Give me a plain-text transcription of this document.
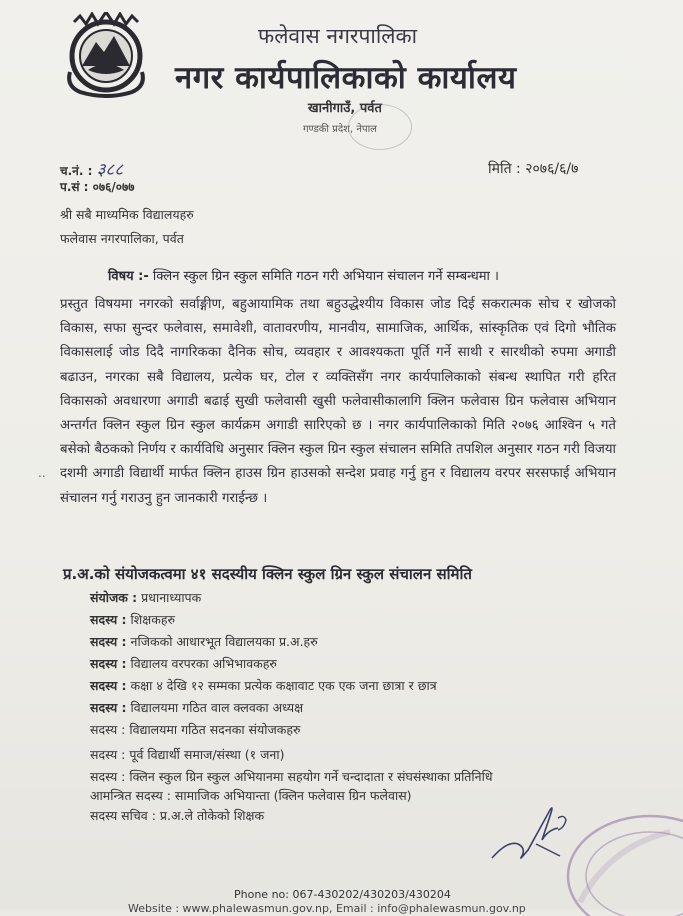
फलेवास नगरपालिका
नगर कार्यपालिकाको कार्यालय
खानीगाउँ, पर्वत
गण्डकी प्रदेश, नेपाल
च.नं. : ३८८
प.सं : ०७६/०७७
मिति : २०७६/६/७
श्री सबै माध्यमिक विद्यालयहरु
फलेवास नगरपालिका, पर्वत
विषय :- क्लिन स्कुल ग्रिन स्कुल समिति गठन गरी अभियान संचालन गर्ने सम्बन्धमा ।
..
प्रस्तुत विषयमा नगरको सर्वाङ्गीण, बहुआयामिक तथा बहुउद्धेश्यीय विकास जोड दिई सकरात्मक सोच र खोजको विकास, सफा सुन्दर फलेवास, समावेशी, वातावरणीय, मानवीय, सामाजिक, आर्थिक, सांस्कृतिक एवं दिगो भौतिक विकासलाई जोड दिदै नागरिकका दैनिक सोच, व्यवहार र आवश्यकता पूर्ति गर्ने साथी र सारथीको रुपमा अगाडी बढाउन, नगरका सबै विद्यालय, प्रत्येक घर, टोल र व्यक्तिसँग नगर कार्यपालिकाको संबन्ध स्थापित गरी हरित विकासको अवधारणा अगाडी बढाई सुखी फलेवासी खुसी फलेवासीकालागि क्लिन फलेवास ग्रिन फलेवास अभियान अन्तर्गत क्लिन स्कुल ग्रिन स्कुल कार्यक्रम अगाडी सारिएको छ । नगर कार्यपालिकाको मिति २०७६ आश्विन ५ गते बसेको बैठकको निर्णय र कार्यविधि अनुसार क्लिन स्कुल ग्रिन स्कुल संचालन समिति तपशिल अनुसार गठन गरी विजया दशमी अगाडी विद्यार्थी मार्फत क्लिन हाउस ग्रिन हाउसको सन्देश प्रवाह गर्नु हुन र विद्यालय वरपर सरसफाई अभियान संचालन गर्नु गराउनु हुन जानकारी गराईन्छ ।
प्र.अ.को संयोजकत्वमा ४१ सदस्यीय क्लिन स्कुल ग्रिन स्कुल संचालन समिति
संयोजक : प्रधानाध्यापक
सदस्य : शिक्षकहरु
सदस्य : नजिकको आधारभूत विद्यालयका प्र.अ.हरु
सदस्य : विद्यालय वरपरका अभिभावकहरु
सदस्य : कक्षा ४ देखि १२ सम्मका प्रत्येक कक्षावाट एक एक जना छात्रा र छात्र
सदस्य : विद्यालयमा गठित वाल क्लवका अध्यक्ष
सदस्य : विद्यालयमा गठित सदनका संयोजकहरु
सदस्य : पूर्व विद्यार्थी समाज/संस्था (१ जना)
सदस्य : क्लिन स्कुल ग्रिन स्कुल अभियानमा सहयोग गर्ने चन्दादाता र संघसंस्थाका प्रतिनिधि
आमन्त्रित सदस्य : सामाजिक अभियान्ता (क्लिन फलेवास ग्रिन फलेवास)
सदस्य सचिव : प्र.अ.ले तोकेको शिक्षक
Phone no: 067-430202/430203/430204
Website : www.phalewasmun.gov.np, Email : info@phalewasmun.gov.np
